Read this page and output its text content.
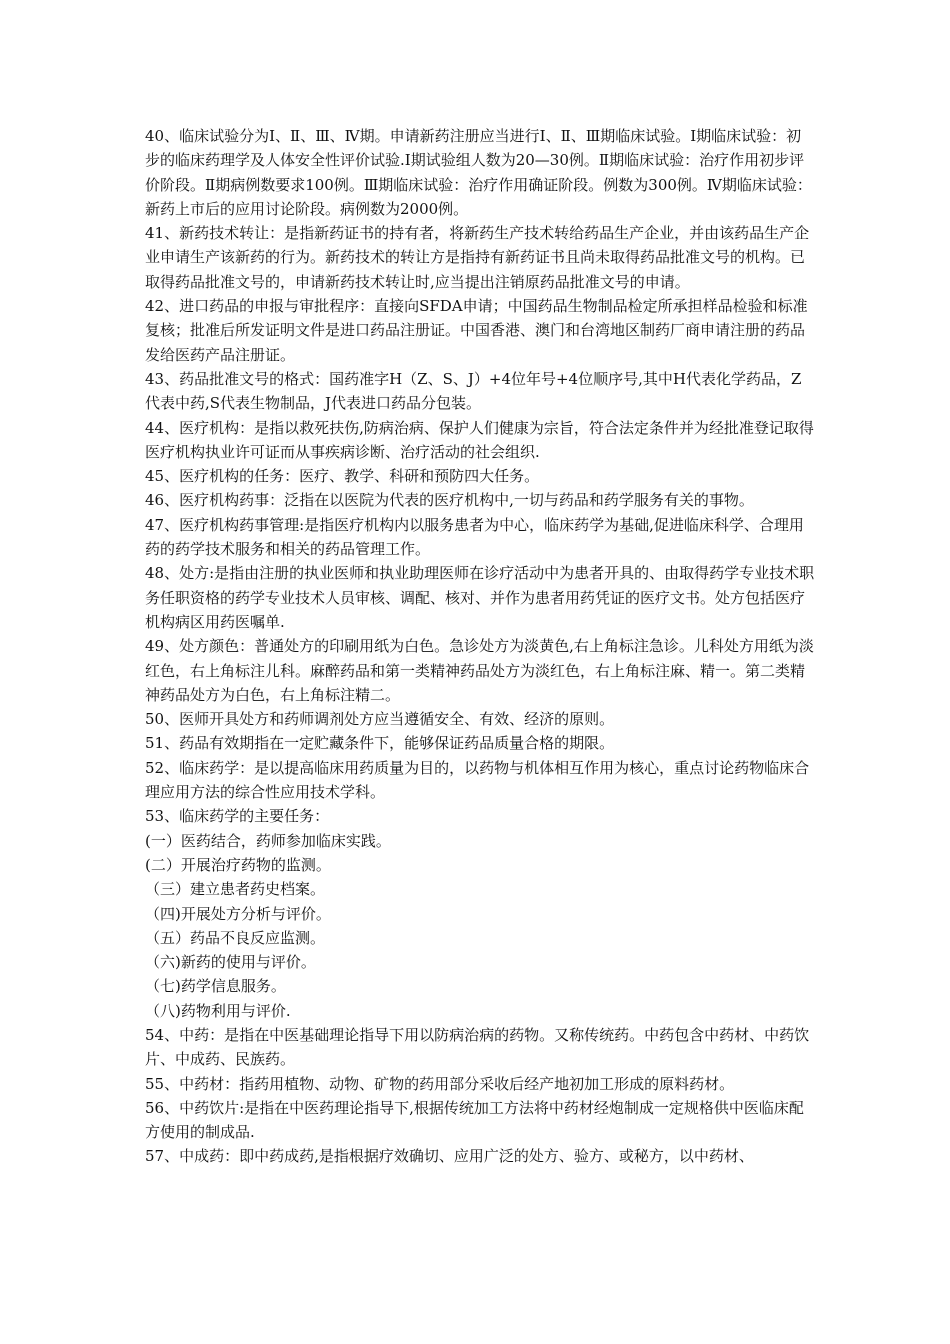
40、临床试验分为Ⅰ、Ⅱ、Ⅲ、Ⅳ期。申请新药注册应当进行Ⅰ、Ⅱ、Ⅲ期临床试验。Ⅰ期临床试验：初步的临床药理学及人体安全性评价试验.Ⅰ期试验组人数为20—30例。Ⅱ期临床试验：治疗作用初步评价阶段。Ⅱ期病例数要求100例。Ⅲ期临床试验：治疗作用确证阶段。例数为300例。Ⅳ期临床试验：新药上市后的应用讨论阶段。病例数为2000例。

41、新药技术转让：是指新药证书的持有者，将新药生产技术转给药品生产企业，并由该药品生产企业申请生产该新药的行为。新药技术的转让方是指持有新药证书且尚未取得药品批准文号的机构。已取得药品批准文号的，申请新药技术转让时,应当提出注销原药品批准文号的申请。

42、进口药品的申报与审批程序：直接向SFDA申请；中国药品生物制品检定所承担样品检验和标准复核；批准后所发证明文件是进口药品注册证。中国香港、澳门和台湾地区制药厂商申请注册的药品发给医药产品注册证。

43、药品批准文号的格式：国药准字H（Z、S、J）+4位年号+4位顺序号,其中H代表化学药品，Z代表中药,S代表生物制品，J代表进口药品分包装。

44、医疗机构：是指以救死扶伤,防病治病、保护人们健康为宗旨，符合法定条件并为经批准登记取得医疗机构执业许可证而从事疾病诊断、治疗活动的社会组织.

45、医疗机构的任务：医疗、教学、科研和预防四大任务。

46、医疗机构药事：泛指在以医院为代表的医疗机构中,一切与药品和药学服务有关的事物。

47、医疗机构药事管理:是指医疗机构内以服务患者为中心，临床药学为基础,促进临床科学、合理用药的药学技术服务和相关的药品管理工作。

48、处方:是指由注册的执业医师和执业助理医师在诊疗活动中为患者开具的、由取得药学专业技术职务任职资格的药学专业技术人员审核、调配、核对、并作为患者用药凭证的医疗文书。处方包括医疗机构病区用药医嘱单.

49、处方颜色：普通处方的印刷用纸为白色。急诊处方为淡黄色,右上角标注急诊。儿科处方用纸为淡红色，右上角标注儿科。麻醉药品和第一类精神药品处方为淡红色，右上角标注麻、精一。第二类精神药品处方为白色，右上角标注精二。

50、医师开具处方和药师调剂处方应当遵循安全、有效、经济的原则。

51、药品有效期指在一定贮藏条件下，能够保证药品质量合格的期限。

52、临床药学：是以提高临床用药质量为目的，以药物与机体相互作用为核心，重点讨论药物临床合理应用方法的综合性应用技术学科。

53、临床药学的主要任务：

(一）医药结合，药师参加临床实践。

(二）开展治疗药物的监测。

（三）建立患者药史档案。

（四)开展处方分析与评价。

（五）药品不良反应监测。

（六)新药的使用与评价。

（七)药学信息服务。

（八)药物利用与评价.

54、中药：是指在中医基础理论指导下用以防病治病的药物。又称传统药。中药包含中药材、中药饮片、中成药、民族药。

55、中药材：指药用植物、动物、矿物的药用部分采收后经产地初加工形成的原料药材。

56、中药饮片:是指在中医药理论指导下,根据传统加工方法将中药材经炮制成一定规格供中医临床配方使用的制成品.

57、中成药：即中药成药,是指根据疗效确切、应用广泛的处方、验方、或秘方，以中药材、
